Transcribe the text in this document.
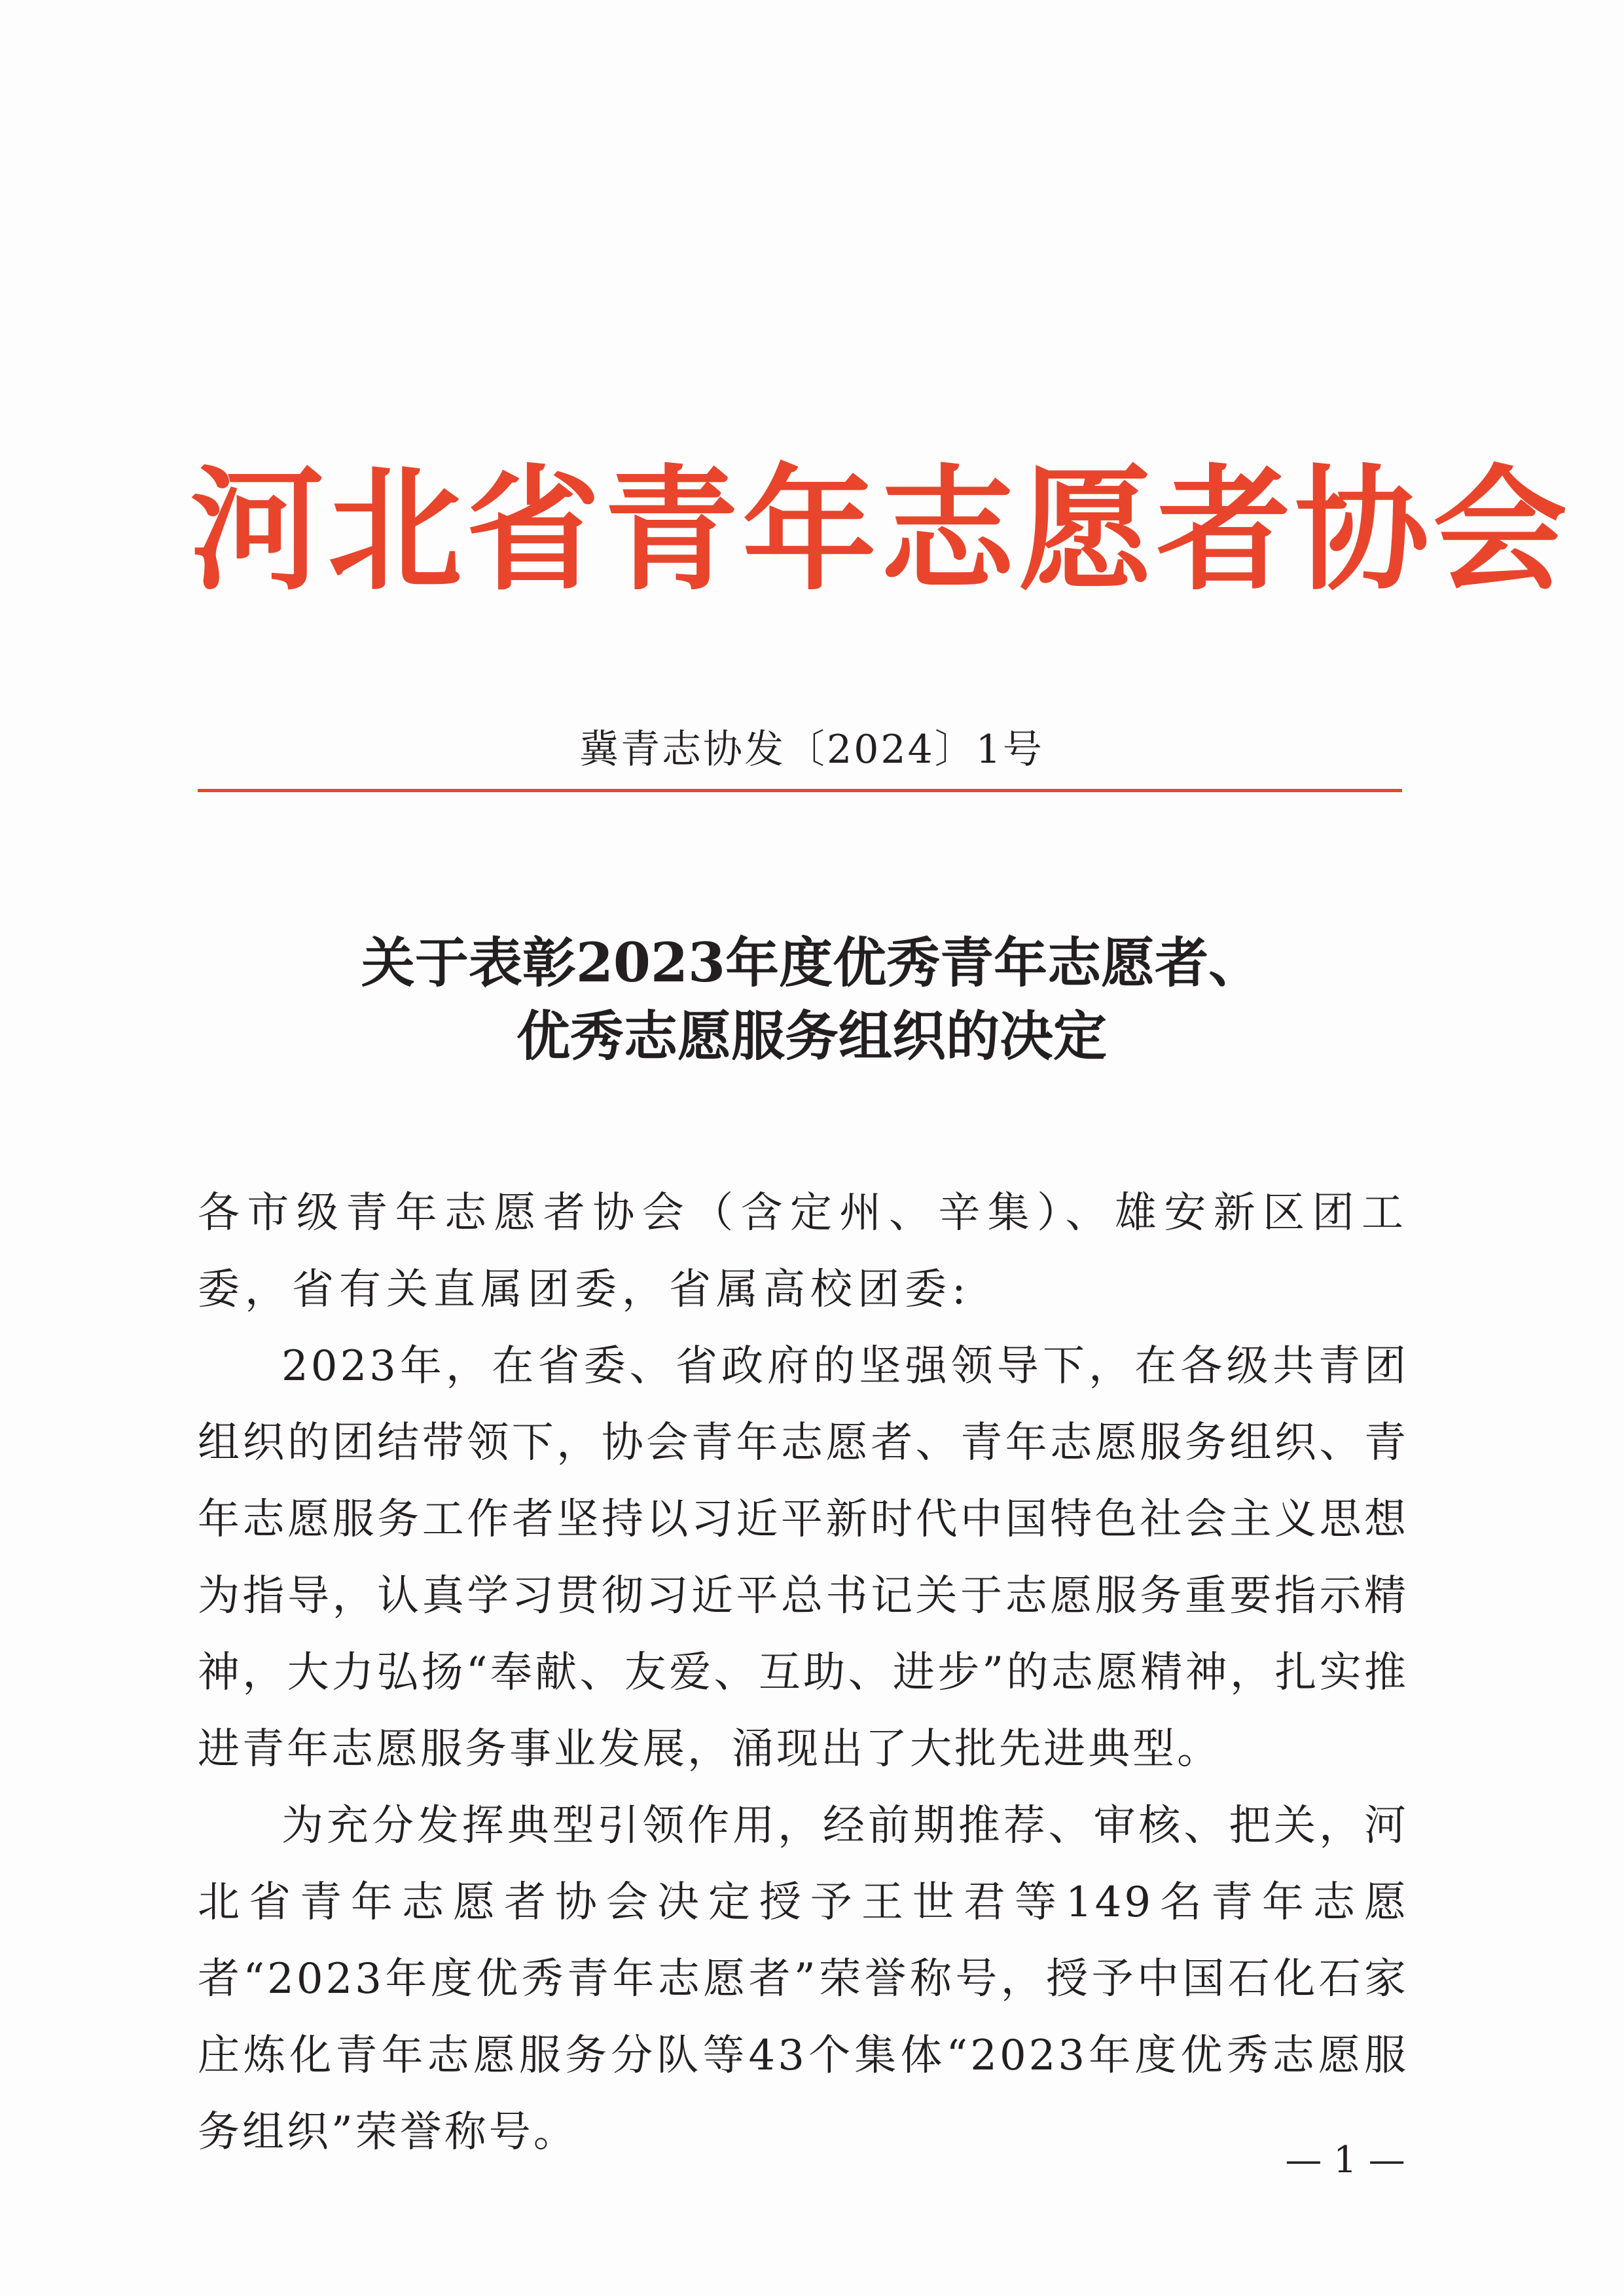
河北省青年志愿者协会
冀青志协发〔2024〕1号
关于表彰2023年度优秀青年志愿者、
优秀志愿服务组织的决定

各市级青年志愿者协会（含定州、辛集）、雄安新区团工委，省有关直属团委，省属高校团委:

2023年，在省委、省政府的坚强领导下，在各级共青团组织的团结带领下，协会青年志愿者、青年志愿服务组织、青年志愿服务工作者坚持以习近平新时代中国特色社会主义思想为指导，认真学习贯彻习近平总书记关于志愿服务重要指示精神，大力弘扬“奉献、友爱、互助、进步”的志愿精神，扎实推进青年志愿服务事业发展，涌现出了大批先进典型。

为充分发挥典型引领作用，经前期推荐、审核、把关，河北省青年志愿者协会决定授予王世君等149名青年志愿者“2023年度优秀青年志愿者”荣誉称号，授予中国石化石家庄炼化青年志愿服务分队等43个集体“2023年度优秀志愿服务组织”荣誉称号。

— 1 —
